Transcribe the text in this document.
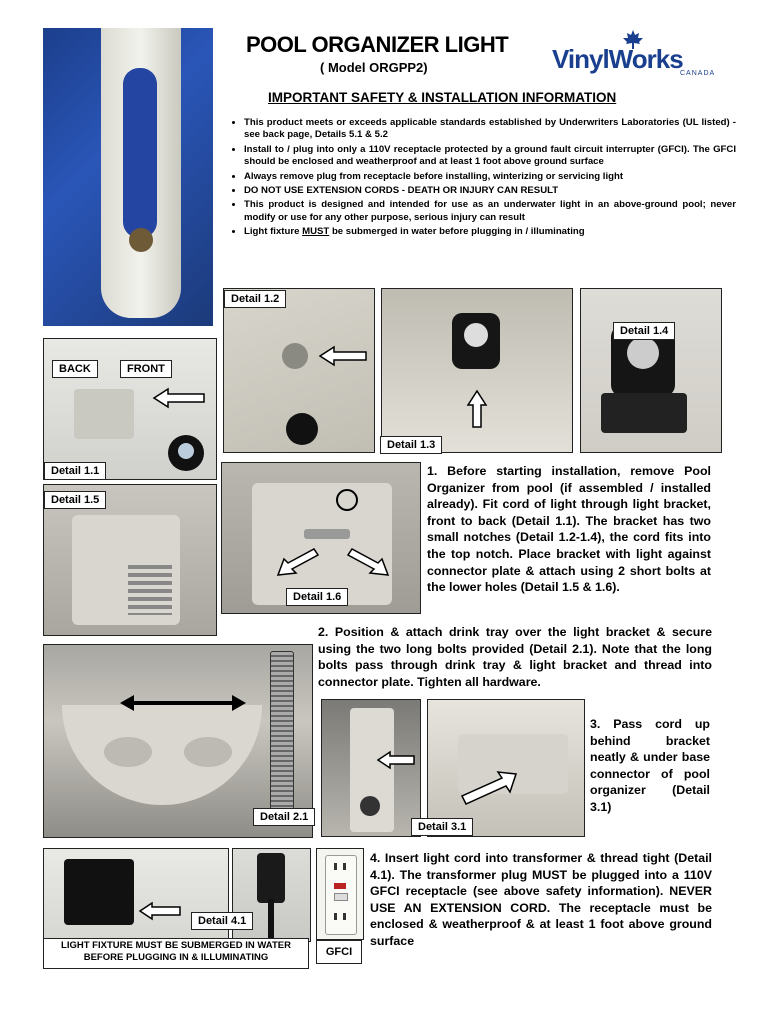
POOL ORGANIZER LIGHT
( Model ORGPP2)	VinylWorks
CANADA
IMPORTANT SAFETY & INSTALLATION INFORMATION
• This product meets or exceeds applicable standards established by Underwriters Laboratories (UL listed) - see back page, Details 5.1 & 5.2
• Install to / plug into only a 110V receptacle protected by a ground fault circuit interrupter (GFCI). The GFCI should be enclosed and weatherproof and at least 1 foot above ground surface
• Always remove plug from receptacle before installing, winterizing or servicing light
• DO NOT USE EXTENSION CORDS - DEATH OR INJURY CAN RESULT
• This product is designed and intended for use as an underwater light in an above-ground pool; never modify or use for any other purpose, serious injury can result
• Light fixture MUST be submerged in water before plugging in / illuminating
BACK	FRONT
Detail 1.1
Detail 1.2
Detail 1.3
Detail 1.4
Detail 1.5
Detail 1.6
1. Before starting installation, remove Pool Organizer from pool (if assembled / installed already). Fit cord of light through light bracket, front to back (Detail 1.1). The bracket has two small notches (Detail 1.2-1.4), the cord fits into the top notch. Place bracket with light against connector plate & attach using 2 short bolts at the lower holes (Detail 1.5 & 1.6).
2. Position & attach drink tray over the light bracket & secure using the two long bolts provided (Detail 2.1). Note that the long bolts pass through drink tray & light bracket and thread into connector plate. Tighten all hardware.
Detail 2.1
Detail 3.1
3. Pass cord up behind bracket neatly & under base connector of pool organizer (Detail 3.1)
Detail 4.1
LIGHT FIXTURE MUST BE SUBMERGED IN WATER
BEFORE PLUGGING IN & ILLUMINATING	GFCI
4. Insert light cord into transformer & thread tight (Detail 4.1). The transformer plug MUST be plugged into a 110V GFCI receptacle (see above safety information). NEVER USE AN EXTENSION CORD. The receptacle must be enclosed & weatherproof & at least 1 foot above ground surface
